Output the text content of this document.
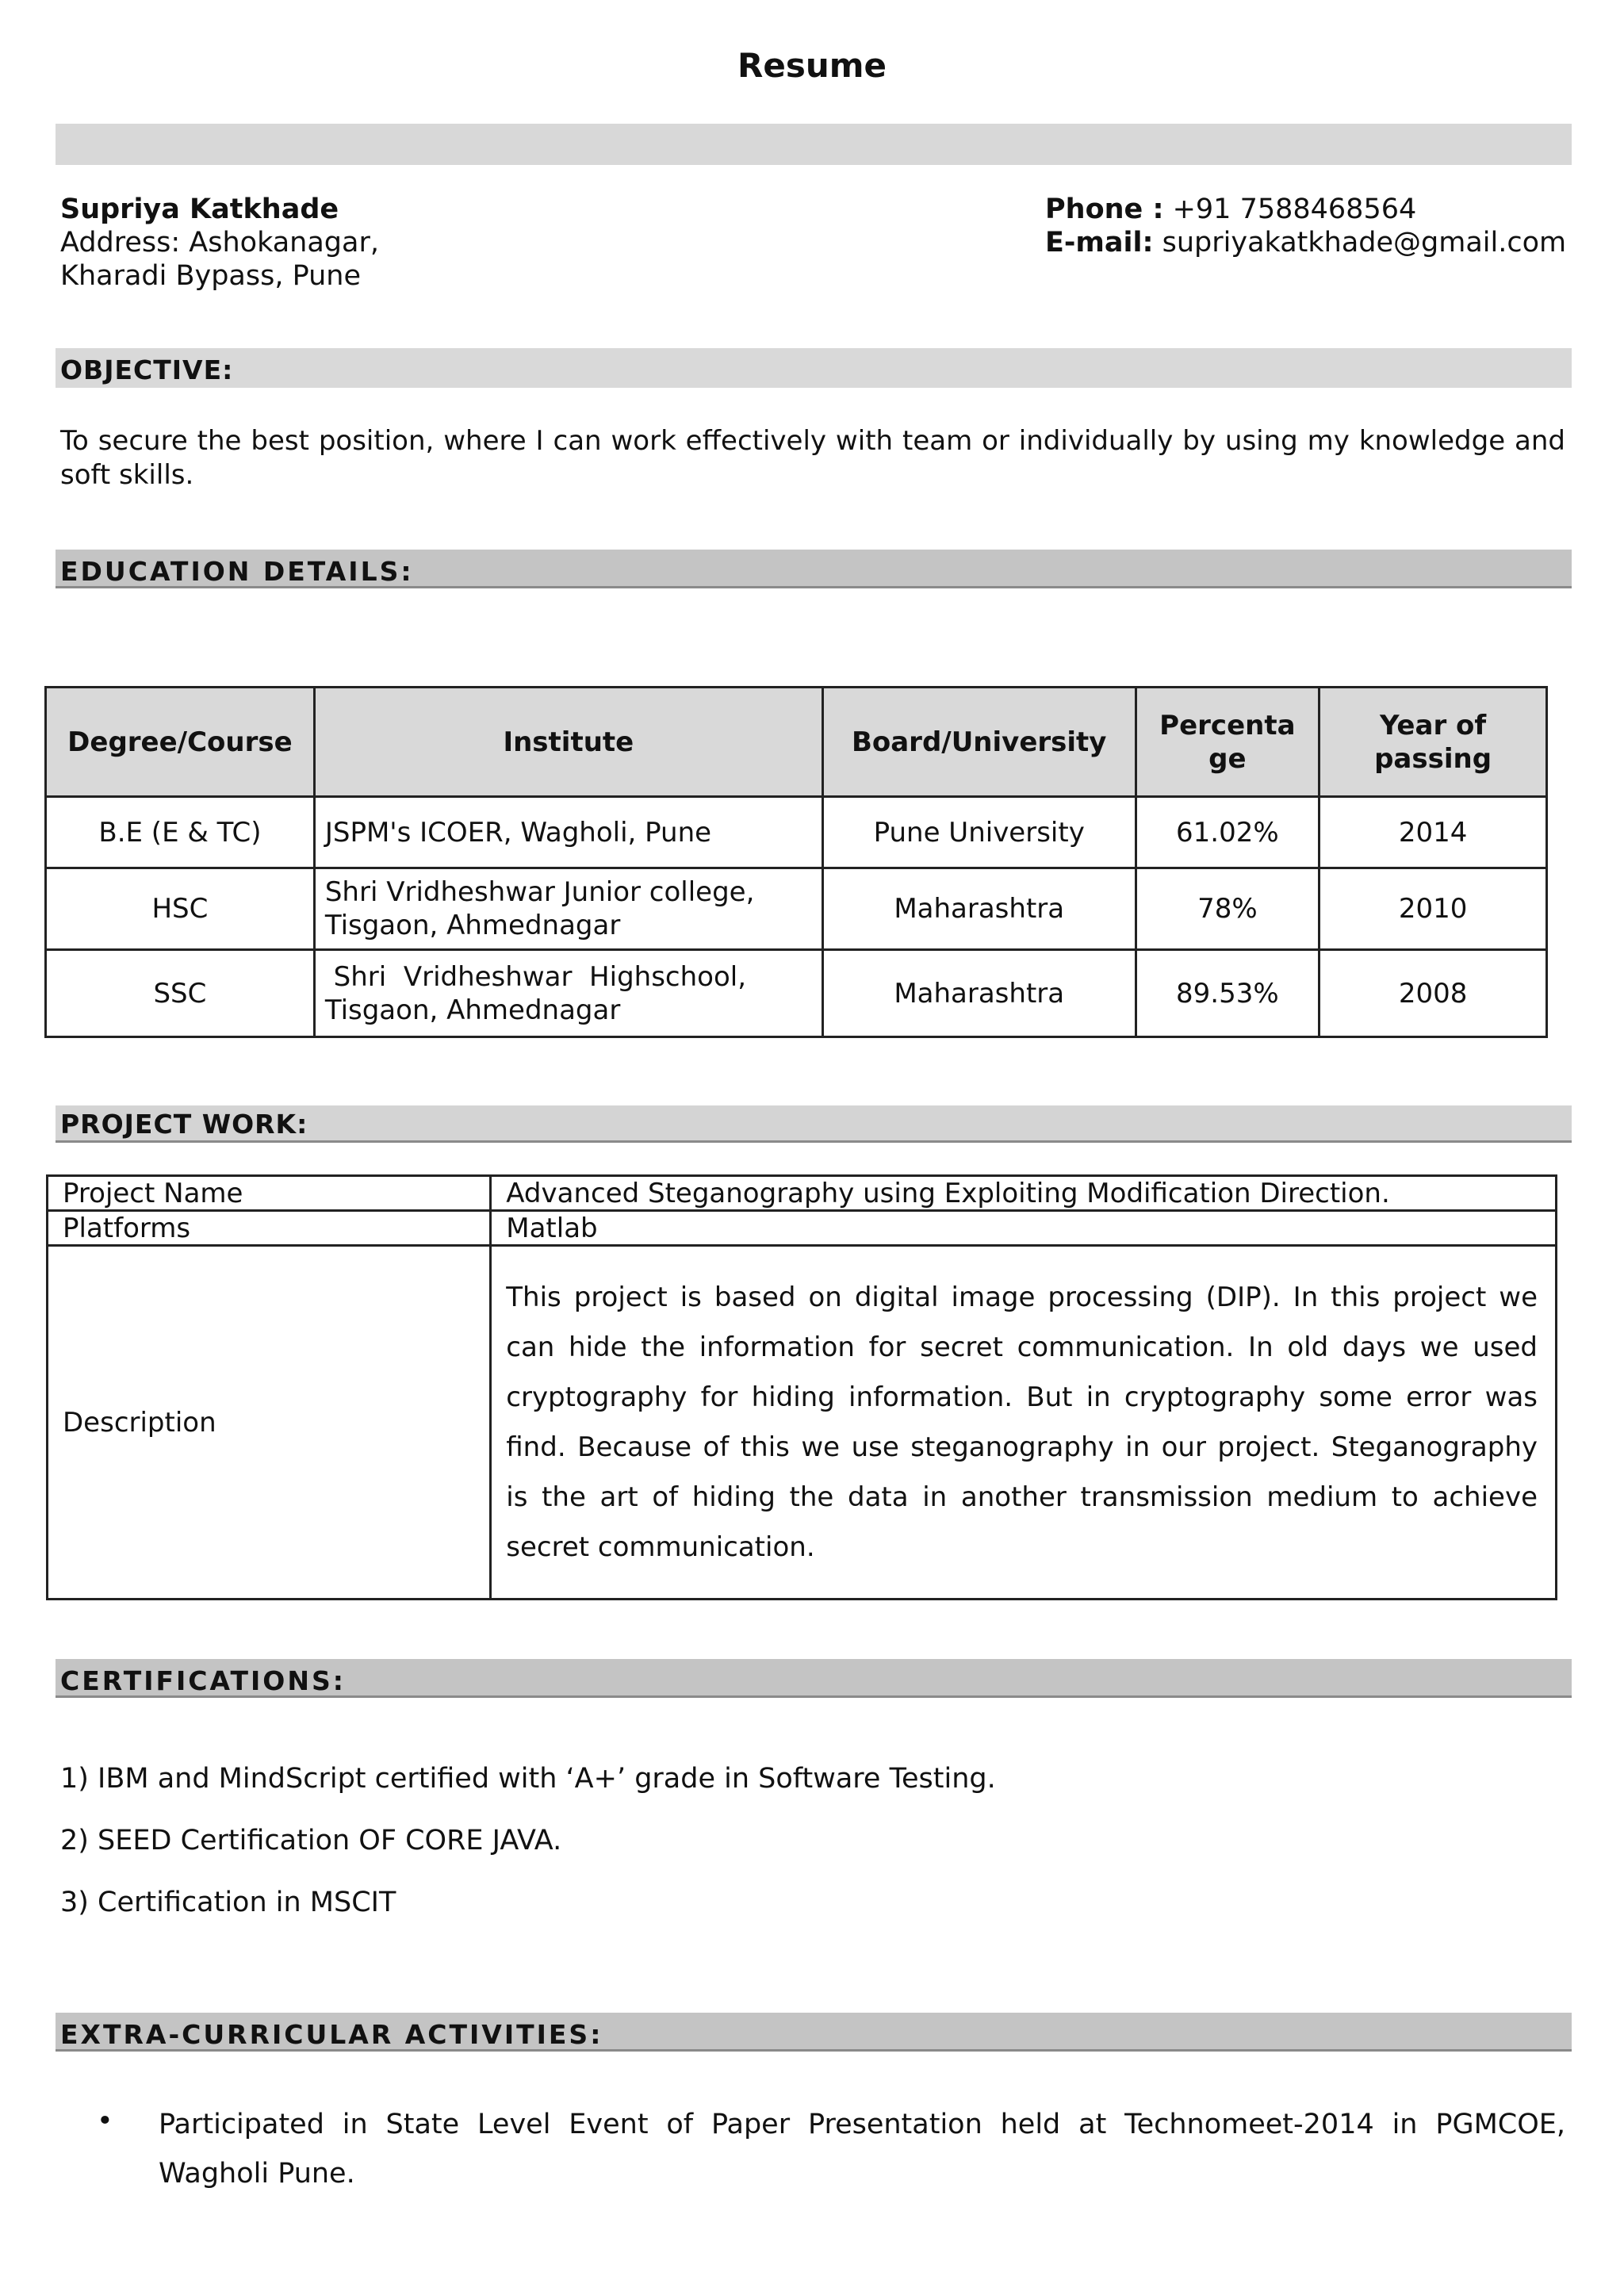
Resume
Supriya Katkhade
Address: Ashokanagar,
Kharadi Bypass, Pune
Phone : +91 7588468564
E-mail: supriyakatkhade@gmail.com
OBJECTIVE:
To secure the best position, where I can work effectively with team or individually by using my knowledge and soft skills.
EDUCATION DETAILS:
Degree/Course	Institute	Board/University	Percentage	Year of passing
B.E (E & TC)	JSPM's ICOER, Wagholi, Pune	Pune University	61.02%	2014
HSC	Shri Vridheshwar Junior college, Tisgaon, Ahmednagar	Maharashtra	78%	2010
SSC	Shri  Vridheshwar  Highschool, Tisgaon, Ahmednagar	Maharashtra	89.53%	2008
PROJECT WORK:
Project Name	Advanced Steganography using Exploiting Modification Direction.
Platforms	Matlab
Description	This project is based on digital image processing (DIP). In this project we can hide the information for secret communication. In old days we used cryptography for hiding information. But in cryptography some error was find. Because of this we use steganography in our project. Steganography is the art of hiding the data in another transmission medium to achieve secret communication.
CERTIFICATIONS:
1) IBM and MindScript certified with ‘A+’ grade in Software Testing.
2) SEED Certification OF CORE JAVA.
3) Certification in MSCIT
EXTRA-CURRICULAR ACTIVITIES:
• Participated in State Level Event of Paper Presentation held at Technomeet-2014 in PGMCOE, Wagholi Pune.
